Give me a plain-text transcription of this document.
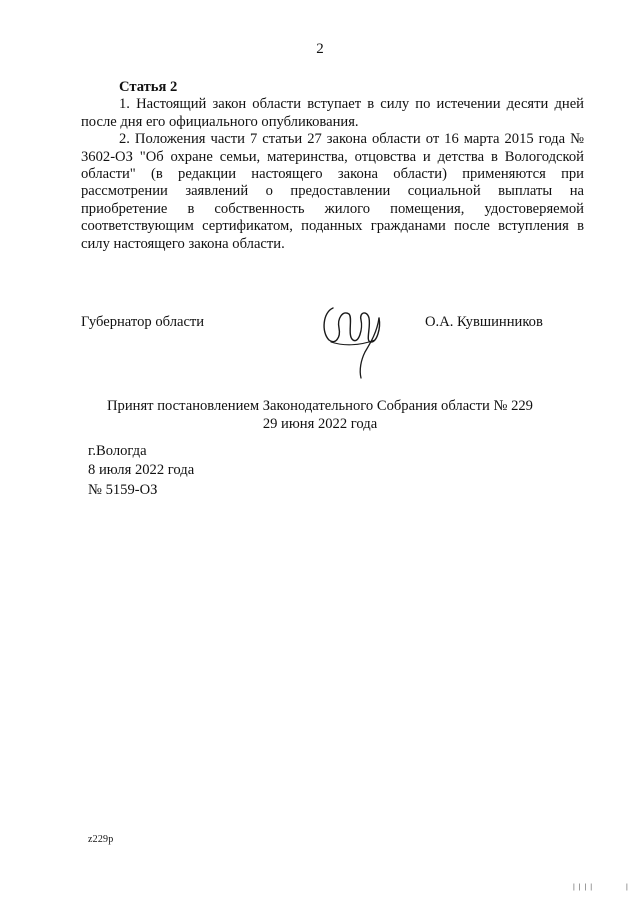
2

Статья 2

1. Настоящий закон области вступает в силу по истечении десяти дней после дня его официального опубликования.

2. Положения части 7 статьи 27 закона области от 16 марта 2015 года № 3602-ОЗ "Об охране семьи, материнства, отцовства и детства в Вологодской области" (в редакции настоящего закона области) применяются при рассмотрении заявлений о предоставлении социальной выплаты на приобретение в собственность жилого помещения, удостоверяемой соответствующим сертификатом, поданных гражданами после вступления в силу настоящего закона области.

Губернатор области	О.А. Кувшинников
Принят постановлением Законодательного Собрания области № 229
29 июня 2022 года
г.Вологда
8 июля 2022 года
№ 5159-ОЗ
z229p
| | | |	|
